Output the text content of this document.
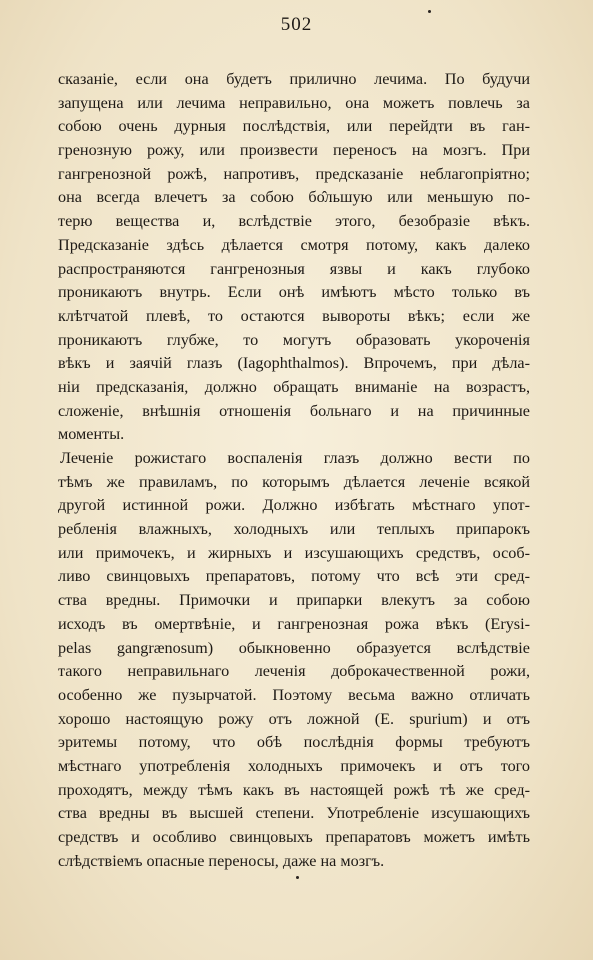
502
сказаніе, если она будетъ прилично лечима. По будучи
запущена или лечима неправильно, она можетъ повлечь за
собою очень дурныя послѣдствія, или перейдти въ ган-
гренозную рожу, или произвести переносъ на мозгъ. При
гангренозной рожѣ, напротивъ, предсказаніе неблагопріятно;
она всегда влечетъ за собою бо̂льшую или меньшую по-
терю вещества и, вслѣдствіе этого, безобразіе вѣкъ.
Предсказаніе здѣсь дѣлается смотря потому, какъ далеко
распространяются гангренозныя язвы и какъ глубоко
проникаютъ внутрь. Если онѣ имѣютъ мѣсто только въ
клѣтчатой плевѣ, то остаются вывороты вѣкъ; если же
проникаютъ глубже, то могутъ образовать укороченія
вѣкъ и заячій глазъ (Iagophthalmos). Впрочемъ, при дѣла-
ніи предсказанія, должно обращать вниманіе на возрастъ,
сложеніе, внѣшнія отношенія больнаго и на причинные
моменты.
Леченіе рожистаго воспаленія глазъ должно вести по
тѣмъ же правиламъ, по которымъ дѣлается леченіе всякой
другой истинной рожи. Должно избѣгать мѣстнаго упот-
ребленія влажныхъ, холодныхъ или теплыхъ припарокъ
или примочекъ, и жирныхъ и изсушающихъ средствъ, особ-
ливо свинцовыхъ препаратовъ, потому что всѣ эти сред-
ства вредны. Примочки и припарки влекутъ за собою
исходъ въ омертвѣніе, и гангренозная рожа вѣкъ (Erysi-
pelas gangrænosum) обыкновенно образуется вслѣдствіе
такого неправильнаго леченія доброкачественной рожи,
особенно же пузырчатой. Поэтому весьма важно отличать
хорошо настоящую рожу отъ ложной (E. spurium) и отъ
эритемы потому, что обѣ послѣднія формы требуютъ
мѣстнаго употребленія холодныхъ примочекъ и отъ того
проходятъ, между тѣмъ какъ въ настоящей рожѣ тѣ же сред-
ства вредны въ высшей степени. Употребленіе изсушающихъ
средствъ и особливо свинцовыхъ препаратовъ можетъ имѣть
слѣдствіемъ опасные переносы, даже на мозгъ.
